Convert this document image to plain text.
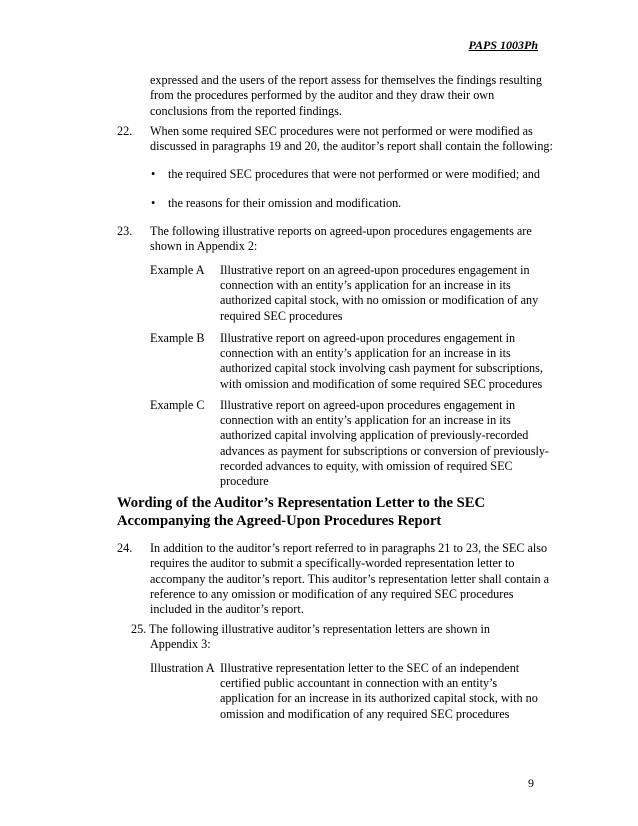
PAPS 1003Ph
expressed and the users of the report assess for themselves the findings resulting
from the procedures performed by the auditor and they draw their own
conclusions from the reported findings.
22. When some required SEC procedures were not performed or were modified as
discussed in paragraphs 19 and 20, the auditor’s report shall contain the following:
• the required SEC procedures that were not performed or were modified; and
• the reasons for their omission and modification.
23. The following illustrative reports on agreed-upon procedures engagements are
shown in Appendix 2:
Example A Illustrative report on an agreed-upon procedures engagement in
connection with an entity’s application for an increase in its
authorized capital stock, with no omission or modification of any
required SEC procedures
Example B Illustrative report on agreed-upon procedures engagement in
connection with an entity’s application for an increase in its
authorized capital stock involving cash payment for subscriptions,
with omission and modification of some required SEC procedures
Example C Illustrative report on agreed-upon procedures engagement in
connection with an entity’s application for an increase in its
authorized capital involving application of previously-recorded
advances as payment for subscriptions or conversion of previously-
recorded advances to equity, with omission of required SEC
procedure
Wording of the Auditor’s Representation Letter to the SEC
Accompanying the Agreed-Upon Procedures Report
24. In addition to the auditor’s report referred to in paragraphs 21 to 23, the SEC also
requires the auditor to submit a specifically-worded representation letter to
accompany the auditor’s report. This auditor’s representation letter shall contain a
reference to any omission or modification of any required SEC procedures
included in the auditor’s report.
25. The following illustrative auditor’s representation letters are shown in
Appendix 3:
Illustration A Illustrative representation letter to the SEC of an independent
certified public accountant in connection with an entity’s
application for an increase in its authorized capital stock, with no
omission and modification of any required SEC procedures
9
